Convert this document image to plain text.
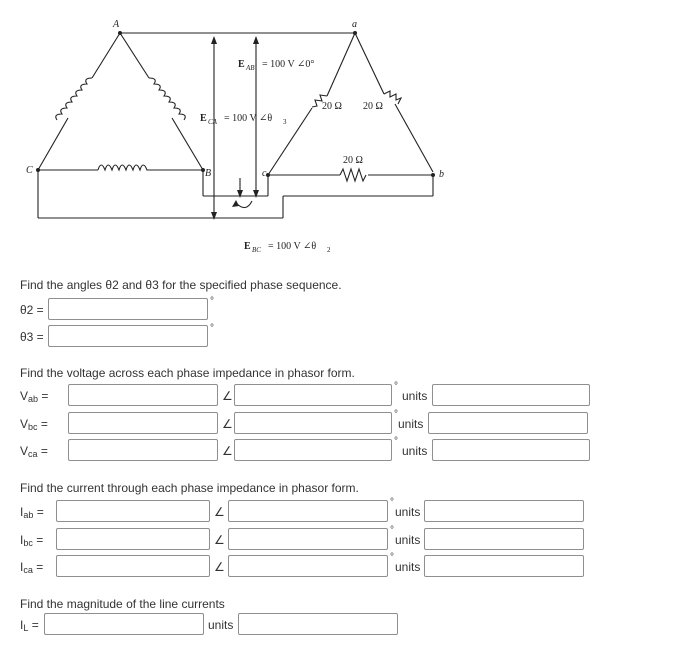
A	a
C	B	c	b
E AB = 100 V ∠0°
E CA = 100 V ∠θ 3
E BC = 100 V ∠θ 2
20 Ω 20 Ω
20 Ω
Find the angles θ2 and θ3 for the specified phase sequence.
θ2 =
°
θ3 =
°
Find the voltage across each phase impedance in phasor form.
$V_{ab}$ =	∠
°
units
$V_{bc}$ =	∠
°
units
$V_{ca}$ =	∠
°
units
Find the current through each phase impedance in phasor form.
$I_{ab}$ =	∠
°
units
$I_{bc}$ =	∠
°
units
$I_{ca}$ =	∠
°
units
Find the magnitude of the line currents
$I_L$ =	units
